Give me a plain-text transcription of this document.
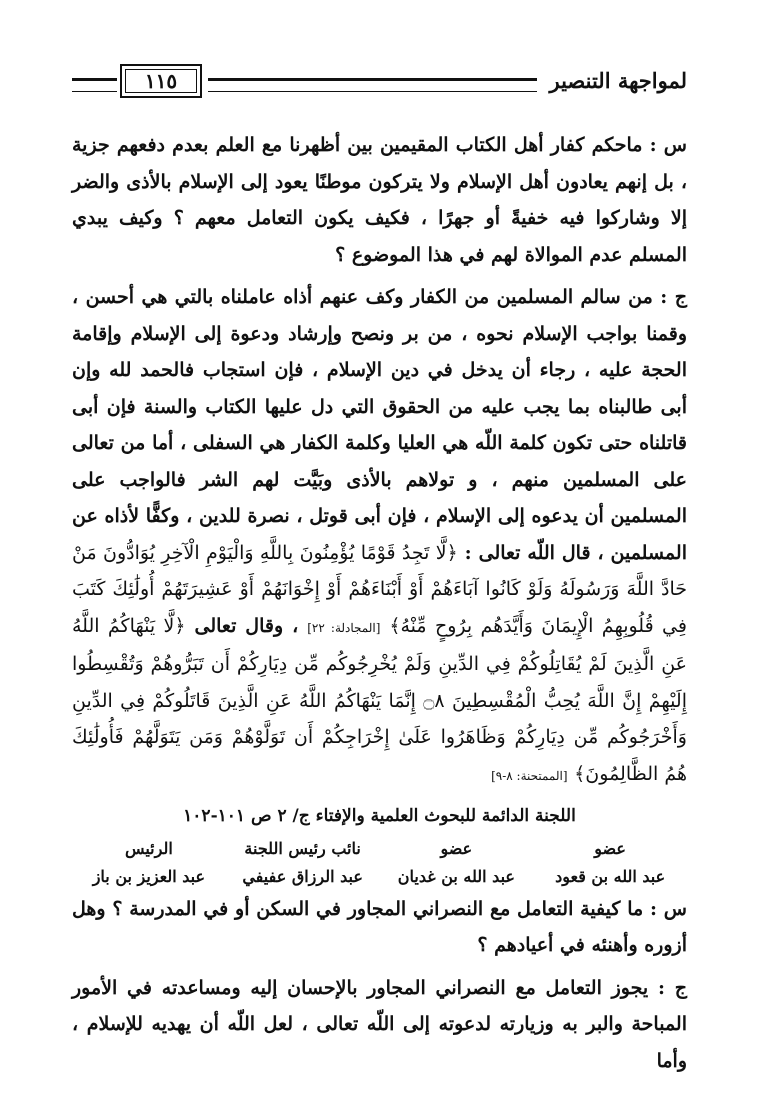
١١٥	لمواجهة التنصير

س : ماحكم كفار أهل الكتاب المقيمين بين أظهرنا مع العلم بعدم دفعهم جزية ، بل إنهم يعادون أهل الإسلام ولا يتركون موطنًا يعود إلى الإسلام بالأذى والضر إلا وشاركوا فيه خفيةً أو جهرًا ، فكيف يكون التعامل معهم ؟ وكيف يبدي المسلم عدم الموالاة لهم في هذا الموضوع ؟

ج : من سالم المسلمين من الكفار وكف عنهم أذاه عاملناه بالتي هي أحسن ، وقمنا بواجب الإسلام نحوه ، من بر ونصح وإرشاد ودعوة إلى الإسلام وإقامة الحجة عليه ، رجاء أن يدخل في دين الإسلام ، فإن استجاب فالحمد لله وإن أبى طالبناه بما يجب عليه من الحقوق التي دل عليها الكتاب والسنة فإن أبى قاتلناه حتى تكون كلمة اللّه هي العليا وكلمة الكفار هي السفلى ، أما من تعالى على المسلمين منهم ، و تولاهم بالأذى وبَيَّت لهم الشر فالواجب على المسلمين أن يدعوه إلى الإسلام ، فإن أبى قوتل ، نصرة للدين ، وكفًّا لأذاه عن المسلمين ، قال اللّه تعالى : ﴿لَّا تَجِدُ قَوْمًا يُؤْمِنُونَ بِاللَّهِ وَالْيَوْمِ الْآخِرِ يُوَادُّونَ مَنْ حَادَّ اللَّهَ وَرَسُولَهُ وَلَوْ كَانُوا آبَاءَهُمْ أَوْ أَبْنَاءَهُمْ أَوْ إِخْوَانَهُمْ أَوْ عَشِيرَتَهُمْ أُولَٰئِكَ كَتَبَ فِي قُلُوبِهِمُ الْإِيمَانَ وَأَيَّدَهُم بِرُوحٍ مِّنْهُ﴾ [المجادلة: ٢٢] ، وقال تعالى ﴿لَّا يَنْهَاكُمُ اللَّهُ عَنِ الَّذِينَ لَمْ يُقَاتِلُوكُمْ فِي الدِّينِ وَلَمْ يُخْرِجُوكُم مِّن دِيَارِكُمْ أَن تَبَرُّوهُمْ وَتُقْسِطُوا إِلَيْهِمْ إِنَّ اللَّهَ يُحِبُّ الْمُقْسِطِينَ ۝٨ إِنَّمَا يَنْهَاكُمُ اللَّهُ عَنِ الَّذِينَ قَاتَلُوكُمْ فِي الدِّينِ وَأَخْرَجُوكُم مِّن دِيَارِكُمْ وَظَاهَرُوا عَلَىٰ إِخْرَاجِكُمْ أَن تَوَلَّوْهُمْ وَمَن يَتَوَلَّهُمْ فَأُولَٰئِكَ هُمُ الظَّالِمُونَ﴾ [الممتحنة: ٨-٩]

اللجنة الدائمة للبحوث العلمية والإفتاء ج/ ٢ ص ١٠١-١٠٢

عضو
عضو
نائب رئيس اللجنة
الرئيس
عبد الله بن قعود
عبد الله بن غديان
عبد الرزاق عفيفي
عبد العزيز بن باز

س : ما كيفية التعامل مع النصراني المجاور في السكن أو في المدرسة ؟ وهل أزوره وأهنئه في أعيادهم ؟

ج : يجوز التعامل مع النصراني المجاور بالإحسان إليه ومساعدته في الأمور المباحة والبر به وزيارته لدعوته إلى اللّه تعالى ، لعل اللّه أن يهديه للإسلام ، وأما
